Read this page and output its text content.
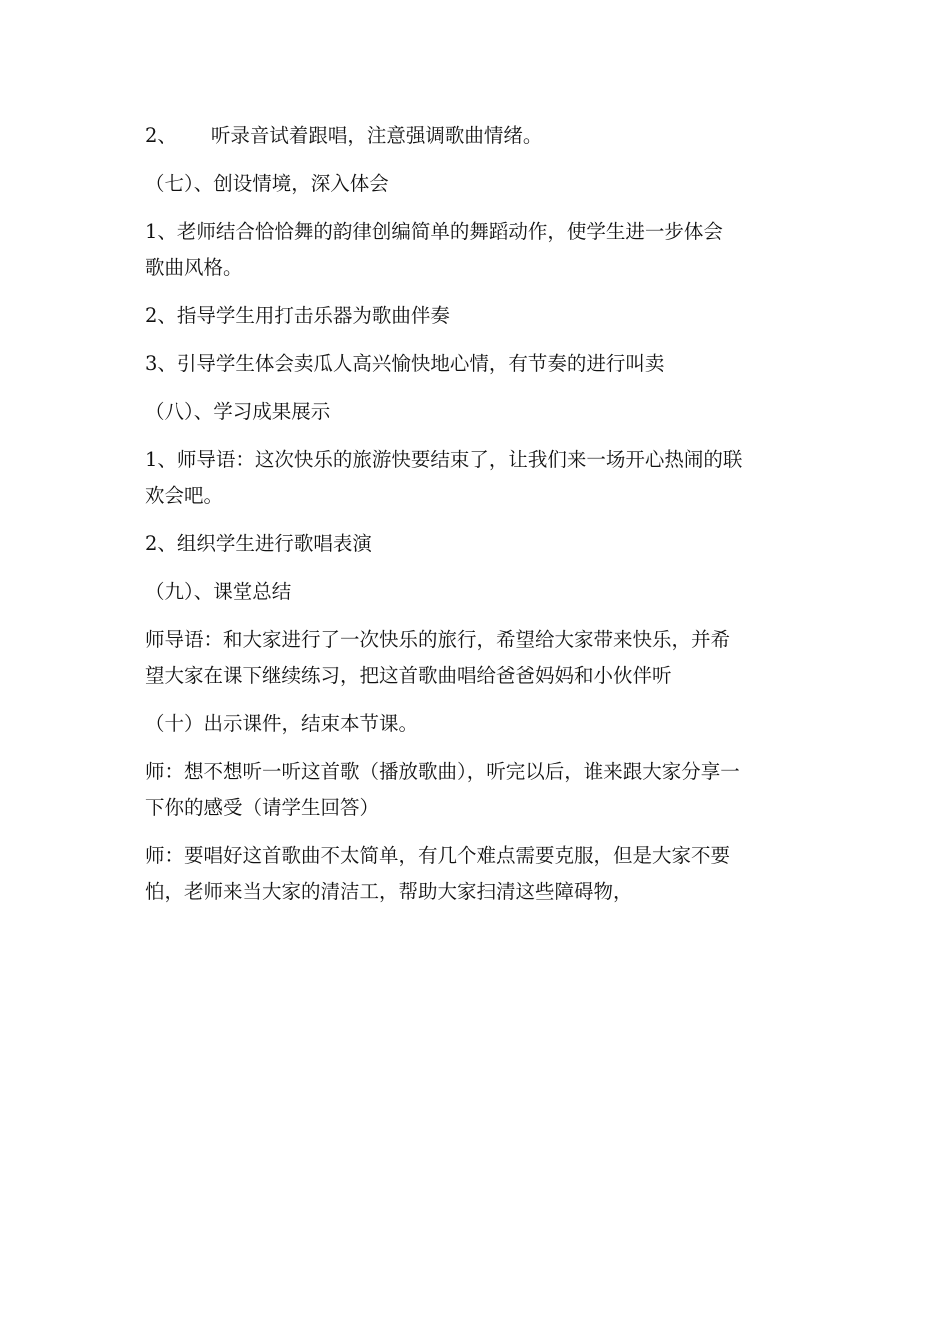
2、 听录音试着跟唱，注意强调歌曲情绪。

（七）、创设情境，深入体会

1、老师结合恰恰舞的韵律创编简单的舞蹈动作，使学生进一步体会
歌曲风格。

2、指导学生用打击乐器为歌曲伴奏

3、引导学生体会卖瓜人高兴愉快地心情，有节奏的进行叫卖

（八）、学习成果展示

1、师导语：这次快乐的旅游快要结束了，让我们来一场开心热闹的联
欢会吧。

2、组织学生进行歌唱表演

（九）、课堂总结

师导语：和大家进行了一次快乐的旅行，希望给大家带来快乐，并希
望大家在课下继续练习，把这首歌曲唱给爸爸妈妈和小伙伴听

（十）出示课件，结束本节课。

师：想不想听一听这首歌（播放歌曲），听完以后，谁来跟大家分享一
下你的感受（请学生回答）

师：要唱好这首歌曲不太简单，有几个难点需要克服，但是大家不要
怕，老师来当大家的清洁工，帮助大家扫清这些障碍物，
